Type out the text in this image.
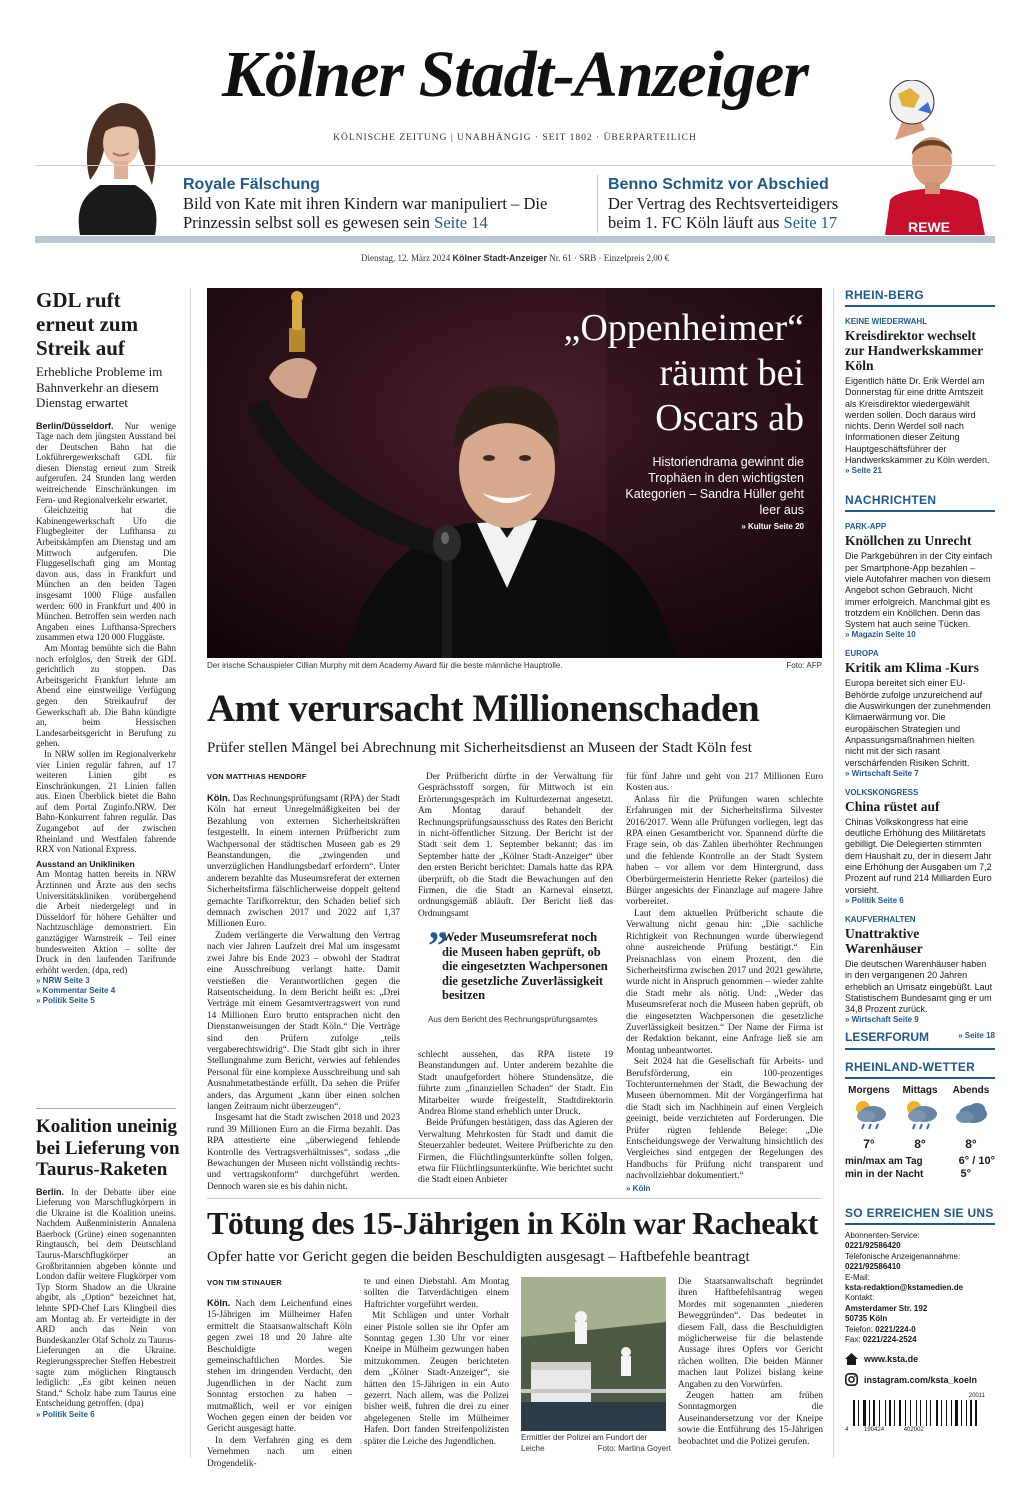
Kölner Stadt-Anzeiger
KÖLNISCHE ZEITUNG | UNABHÄNGIG · SEIT 1802 · ÜBERPARTEILICH
REWE
Royale Fälschung
Bild von Kate mit ihren Kindern war manipuliert – Die Prinzessin selbst soll es gewesen sein Seite 14
Benno Schmitz vor Abschied
Der Vertrag des Rechtsverteidigers beim 1. FC Köln läuft aus Seite 17
Dienstag, 12. März 2024 Kölner Stadt-Anzeiger Nr. 61 · SRB · Einzelpreis 2,00 €
GDL ruft erneut zum Streik auf
Erhebliche Probleme im Bahnverkehr an diesem Dienstag erwartet

Berlin/Düsseldorf. Nur wenige Tage nach dem jüngsten Ausstand bei der Deutschen Bahn hat die Lokführergewerkschaft GDL für diesen Dienstag erneut zum Streik aufgerufen. 24 Stunden lang werden weitreichende Einschränkungen im Fern- und Regionalverkehr erwartet.

Gleichzeitig hat die Kabinengewerkschaft Ufo die Flugbegleiter der Lufthansa zu Arbeitskämpfen am Dienstag und am Mittwoch aufgerufen. Die Fluggesellschaft ging am Montag davon aus, dass in Frankfurt und München an den beiden Tagen insgesamt 1000 Flüge ausfallen werden: 600 in Frankfurt und 400 in München. Betroffen sein werden nach Angaben eines Lufthansa-Sprechers zusammen etwa 120 000 Fluggäste.

Am Montag bemühte sich die Bahn noch erfolglos, den Streik der GDL gerichtlich zu stoppen. Das Arbeitsgericht Frankfurt lehnte am Abend eine einstweilige Verfügung gegen den Streikaufruf der Gewerkschaft ab. Die Bahn kündigte an, beim Hessischen Landesarbeitsgericht in Berufung zu gehen.

In NRW sollen im Regionalverkehr vier Linien regulär fahren, auf 17 weiteren Linien gibt es Einschränkungen, 21 Linien fallen aus. Einen Überblick bietet die Bahn auf dem Portal Zuginfo.NRW. Der Bahn-Konkurrent fahren regulär. Das Zugangebot auf der zwischen Rheinland und Westfalen fahrende RRX von National Express.

Ausstand an Unikliniken

Am Montag hatten bereits in NRW Ärztinnen und Ärzte aus den sechs Universitätskliniken vorübergehend die Arbeit niedergelegt und in Düsseldorf für höhere Gehälter und Nachtzuschläge demonstriert. Ein ganztägiger Warnstreik – Teil einer bundesweiten Aktion – sollte der Druck in den laufenden Tarifrunde erhöht werden. (dpa, red)

» NRW Seite 3
» Kommentar Seite 4
» Politik Seite 5
Koalition uneinig bei Lieferung von Taurus-Raketen

Berlin. In der Debatte über eine Lieferung von Marschflugkörpern in die Ukraine ist die Koalition uneins. Nachdem Außenministerin Annalena Baerbock (Grüne) einen sogenannten Ringtausch, bei dem Deutschland Taurus-Marschflugkörper an Großbritannien abgeben könnte und London dafür weitere Flugkörper vom Typ Storm Shadow an die Ukraine abgibt, als „Option“ bezeichnet hat, lehnte SPD-Chef Lars Klingbeil dies am Montag ab. Er verteidigte in der ARD auch das Nein von Bundeskanzler Olaf Scholz zu Taurus-Lieferungen an die Ukraine. Regierungssprecher Steffen Hebestreit sagte zum möglichen Ringtausch lediglich: „Es gibt keinen neuen Stand.“ Scholz habe zum Taurus eine Entscheidung getroffen. (dpa)

» Politik Seite 6
„Oppenheimer“
räumt bei
Oscars ab
Historiendrama gewinnt die Trophäen in den wichtigsten Kategorien – Sandra Hüller geht leer aus
» Kultur Seite 20
Der irische Schauspieler Cillian Murphy mit dem Academy Award für die beste männliche Hauptrolle.	Foto: AFP
Amt verursacht Millionenschaden
Prüfer stellen Mängel bei Abrechnung mit Sicherheitsdienst an Museen der Stadt Köln fest
VON MATTHIAS HENDORF

Köln. Das Rechnungsprüfungsamt (RPA) der Stadt Köln hat erneut Unregelmäßigkeiten bei der Bezahlung von externen Sicherheitskräften festgestellt. In einem internen Prüfbericht zum Wachpersonal der städtischen Museen gab es 29 Beanstandungen, die „zwingenden und unverzüglichen Handlungsbedarf erfordern“. Unter anderem bezahlte das Museumsreferat der externen Sicherheitsfirma fälschlicherweise doppelt geltend gemachte Tarifkorrektur, den Schaden belief sich demnach zwischen 2017 und 2022 auf 1,37 Millionen Euro.

Zudem verlängerte die Verwaltung den Vertrag nach vier Jahren Laufzeit drei Mal um insgesamt zwei Jahre bis Ende 2023 – obwohl der Stadtrat eine Ausschreibung verlangt hatte. Damit verstießen die Verantwortlichen gegen die Ratsentscheidung. In dem Bericht heißt es: „Drei Verträge mit einem Gesamtvertragswert von rund 14 Millionen Euro brutto entsprachen nicht den Dienstanweisungen der Stadt Köln.“ Die Verträge sind den Prüfern zufolge „teils vergaberechtswidrig“. Die Stadt gibt sich in ihrer Stellungnahme zum Bericht, verwies auf fehlendes Personal für eine komplexe Ausschreibung und sah Ausnahmetatbestände erfüllt. Da sehen die Prüfer anders, das Argument „kann über einen solchen langen Zeitraum nicht überzeugen“.

Insgesamt hat die Stadt zwischen 2018 und 2023 rund 39 Millionen Euro an die Firma bezahlt. Das RPA attestierte eine „überwiegend fehlende Kontrolle des Vertragsverhältnisses“, sodass „die Bewachungen der Museen nicht vollständig rechts- und vertragskonform“ durchgeführt werden. Dennoch waren sie es bis dahin nicht.

Der Prüfbericht dürfte in der Verwaltung für Gesprächsstoff sorgen, für Mittwoch ist ein Erörterungsgespräch im Kulturdezernat angesetzt. Am Montag darauf behandelt der Rechnungsprüfungsausschuss des Rates den Bericht in nicht-öffentlicher Sitzung. Der Bericht ist der Stadt seit dem 1. September bekannt; das im September hatte der „Kölner Stadt-Anzeiger“ über den ersten Bericht berichtet: Damals hatte das RPA überprüft, ob die Stadt die Bewachungen auf den Firmen, die die Stadt an Karneval einsetzt, ordnungsgemäß abläuft. Der Bericht ließ das Ordnungsamt

”
Weder Museumsreferat noch die Museen haben geprüft, ob die eingesetzten Wachpersonen die gesetzliche Zuverlässigkeit besitzen
Aus dem Bericht des Rechnungsprüfungsamtes

schlecht aussehen, das RPA listete 19 Beanstandungen auf. Unter anderem bezahlte die Stadt unaufgefordert höhere Stundensätze, die führte zum „finanziellen Schaden“ der Stadt. Ein Mitarbeiter wurde freigestellt, Stadtdirektorin Andrea Blome stand erheblich unter Druck.

Beide Prüfungen bestätigen, dass das Agieren der Verwaltung Mehrkosten für Stadt und damit die Steuerzahler bedeutet. Weitere Prüfberichte zu den Firmen, die Flüchtlingsunterkünfte sollen folgen, etwa für Flüchtlingsunterkünfte. Wie berichtet sucht die Stadt einen Anbieter

für fünf Jahre und geht von 217 Millionen Euro Kosten aus.

Anlass für die Prüfungen waren schlechte Erfahrungen mit der Sicherheitsfirma Silvester 2016/2017. Wenn alle Prüfungen vorliegen, legt das RPA einen Gesamtbericht vor. Spannend dürfte die Frage sein, ob das Zahlen überhöhter Rechnungen und die fehlende Kontrolle an der Stadt System haben – vor allem vor dem Hintergrund, dass Oberbürgermeisterin Henriette Reker (parteilos) die Bürger angesichts der Finanzlage auf magere Jahre vorbereitet.

Laut dem aktuellen Prüfbericht schaute die Verwaltung nicht genau hin: „Die sachliche Richtigkeit von Rechnungen wurde überwiegend ohne ausreichende Prüfung bestätigt.“ Ein Preisnachlass von einem Prozent, den die Sicherheitsfirma zwischen 2017 und 2021 gewährte, wurde nicht in Anspruch genommen – wieder zahlte die Stadt mehr als nötig. Und: „Weder das Museumsreferat noch die Museen haben geprüft, ob die eingesetzten Wachpersonen die gesetzliche Zuverlässigkeit besitzen.“ Der Name der Firma ist der Redaktion bekannt, eine Anfrage ließ sie am Montag unbeantwortet.

Seit 2024 hat die Gesellschaft für Arbeits- und Berufsförderung, ein 100-prozentiges Tochterunternehmen der Stadt, die Bewachung der Museen übernommen. Mit der Vorgängerfirma hat die Stadt sich im Nachhinein auf einen Vergleich geeinigt, beide verzichteten auf Forderungen. Die Prüfer rügten fehlende Belege: „Die Entscheidungswege der Verwaltung hinsichtlich des Vergleiches sind entgegen der Regelungen des Handbuchs für Prüfung nicht transparent und nachvollziehbar dokumentiert.“

» Köln
Tötung des 15-Jährigen in Köln war Racheakt
Opfer hatte vor Gericht gegen die beiden Beschuldigten ausgesagt – Haftbefehle beantragt
VON TIM STINAUER

Köln. Nach dem Leichenfund eines 15-Jährigen im Mülheimer Hafen ermittelt die Staatsanwaltschaft Köln gegen zwei 18 und 20 Jahre alte Beschuldigte wegen gemeinschaftlichen Mordes. Sie stehen im dringenden Verdacht, den Jugendlichen in der Nacht zum Sonntag erstochen zu haben – mutmaßlich, weil er vor einigen Wochen gegen einen der beiden vor Gericht ausgesagt hatte.

In dem Verfahren ging es dem Vernehmen nach um einen Drogendelik-

te und einen Diebstahl. Am Montag sollten die Tatverdächtigen einem Haftrichter vorgeführt werden.

Mit Schlägen und unter Vorhalt einer Pistole sollen sie ihr Opfer am Sonntag gegen 1.30 Uhr vor einer Kneipe in Mülheim gezwungen haben mitzukommen. Zeugen berichteten dem „Kölner Stadt-Anzeiger“, sie hätten den 15-Jährigen in ein Auto gezerrt. Nach allem, was die Polizei bisher weiß, fuhren die drei zu einer abgelegenen Stelle im Mülheimer Hafen. Dort fanden Streifenpolizisten später die Leiche des Jugendlichen.	Ermittler der Polizei am Fundort der Leiche	Foto: Martina Goyert

Die Staatsanwaltschaft begründet ihren Haftbefehlsantrag wegen Mordes mit sogenannten „niederen Beweggründen“. Das bedeutet in diesem Fall, dass die Beschuldigten möglicherweise für die belastende Aussage ihres Opfers vor Gericht rächen wollten. Die beiden Männer machen laut Polizei bislang keine Angaben zu den Vorwürfen.

Zeugen hatten am frühen Sonntagmorgen die Auseinandersetzung vor der Kneipe sowie die Entführung des 15-Jährigen beobachtet und die Polizei gerufen.

RHEIN-BERG
KEINE WIEDERWAHL
Kreisdirektor wechselt zur Handwerkskammer Köln
Eigentlich hätte Dr. Erik Werdel am Donnerstag für eine dritte Amtszeit als Kreisdirektor wiedergewählt werden sollen. Doch daraus wird nichts. Denn Werdel soll nach Informationen dieser Zeitung Hauptgeschäftsführer der Handwerkskammer zu Köln werden.
» Seite 21
NACHRICHTEN
PARK-APP
Knöllchen zu Unrecht
Die Parkgebühren in der City einfach per Smartphone-App bezahlen – viele Autofahrer machen von diesem Angebot schon Gebrauch. Nicht immer erfolgreich. Manchmal gibt es trotzdem ein Knöllchen. Denn das System hat auch seine Tücken.
» Magazin Seite 10
EUROPA
Kritik am Klima -Kurs
Europa bereitet sich einer EU-Behörde zufolge unzureichend auf die Auswirkungen der zunehmenden Klimaerwärmung vor. Die europäischen Strategien und Anpassungsmaßnahmen hielten nicht mit der sich rasant verschärfenden Risiken Schritt.
» Wirtschaft Seite 7
VOLKSKONGRESS
China rüstet auf
Chinas Volkskongress hat eine deutliche Erhöhung des Militäretats gebilligt. Die Delegierten stimmten dem Haushalt zu, der in diesem Jahr eine Erhöhung der Ausgaben um 7,2 Prozent auf rund 214 Milliarden Euro vorsieht.
» Politik Seite 6
KAUFVERHALTEN
Unattraktive Warenhäuser
Die deutschen Warenhäuser haben in den vergangenen 20 Jahren erheblich an Umsatz eingebüßt. Laut Statistischem Bundesamt ging er um 34,8 Prozent zurück.
» Wirtschaft Seite 9
LESERFORUM	» Seite 18
RHEINLAND-WETTER
Morgens
7°
Mittags
8°
Abends
8°
min/max am Tag	6° / 10°
min in der Nacht	5°
SO ERREICHEN SIE UNS
Abonnenten-Service:
0221/92586420
Telefonische Anzeigenannahme:
0221/92586410
E-Mail:
ksta-redaktion@kstamedien.de
Kontakt:
Amsterdamer Str. 192
50735 Köln
Telefon: 0221/224-0
Fax: 0221/224-2524
www.ksta.de
instagram.com/ksta_koeln
20011
4	190424	402002
